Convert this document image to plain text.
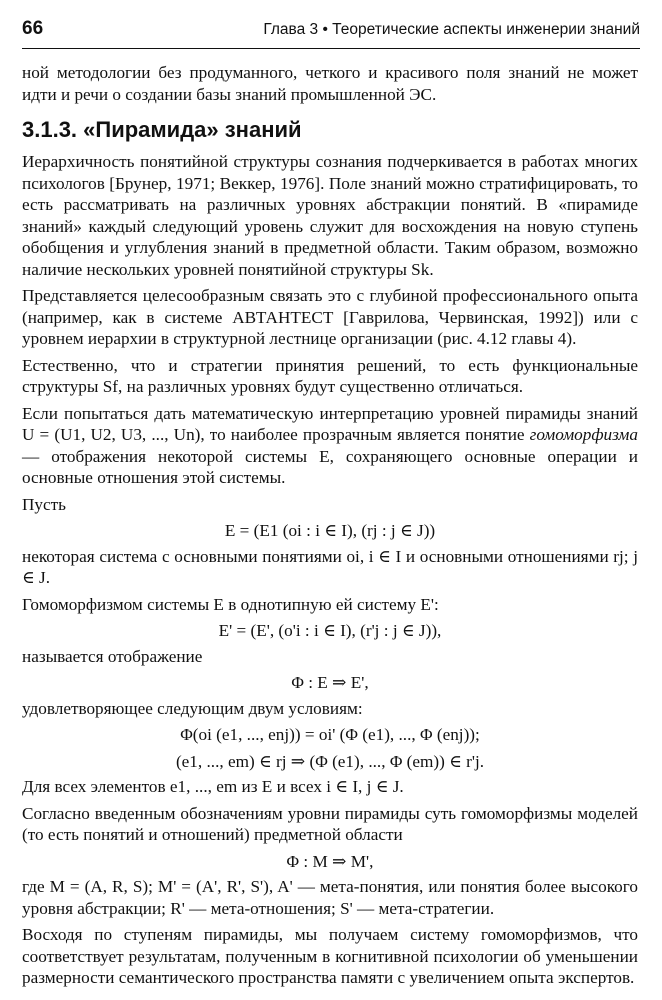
66	Глава 3 • Теоретические аспекты инженерии знаний

ной методологии без продуманного, четкого и красивого поля знаний не может идти и речи о создании базы знаний промышленной ЭС.

3.1.3. «Пирамида» знаний

Иерархичность понятийной структуры сознания подчеркивается в работах многих психологов [Брунер, 1971; Веккер, 1976]. Поле знаний можно стратифицировать, то есть рассматривать на различных уровнях абстракции понятий. В «пирамиде знаний» каждый следующий уровень служит для восхождения на новую ступень обобщения и углубления знаний в предметной области. Таким образом, возможно наличие нескольких уровней понятийной структуры Sk.

Представляется целесообразным связать это с глубиной профессионального опыта (например, как в системе АВТАНТЕСТ [Гаврилова, Червинская, 1992]) или с уровнем иерархии в структурной лестнице организации (рис. 4.12 главы 4).

Естественно, что и стратегии принятия решений, то есть функциональные структуры Sf, на различных уровнях будут существенно отличаться.

Если попытаться дать математическую интерпретацию уровней пирамиды знаний U = (U1, U2, U3, ..., Un), то наиболее прозрачным является понятие гомоморфизма — отображения некоторой системы E, сохраняющего основные операции и основные отношения этой системы.

Пусть

E = (E1 (oi : i ∈ I), (rj : j ∈ J))

некоторая система с основными понятиями oi, i ∈ I и основными отношениями rj; j ∈ J.

Гомоморфизмом системы E в однотипную ей систему E':

E' = (E', (o'i : i ∈ I), (r'j : j ∈ J)),

называется отображение

Φ : E ⇒ E',

удовлетворяющее следующим двум условиям:

Φ(oi (e1, ..., enj)) = oi' (Φ (e1), ..., Φ (enj));
(e1, ..., em) ∈ rj ⇒ (Φ (e1), ..., Φ (em)) ∈ r'j.

Для всех элементов e1, ..., em из E и всех i ∈ I, j ∈ J.

Согласно введенным обозначениям уровни пирамиды суть гомоморфизмы моделей (то есть понятий и отношений) предметной области

Φ : M ⇒ M',

где M = (A, R, S); M' = (A', R', S'), A' — мета-понятия, или понятия более высокого уровня абстракции; R' — мета-отношения; S' — мета-стратегии.

Восходя по ступеням пирамиды, мы получаем систему гомоморфизмов, что соответствует результатам, полученным в когнитивной психологии об уменьшении размерности семантического пространства памяти с увеличением опыта экспертов.
